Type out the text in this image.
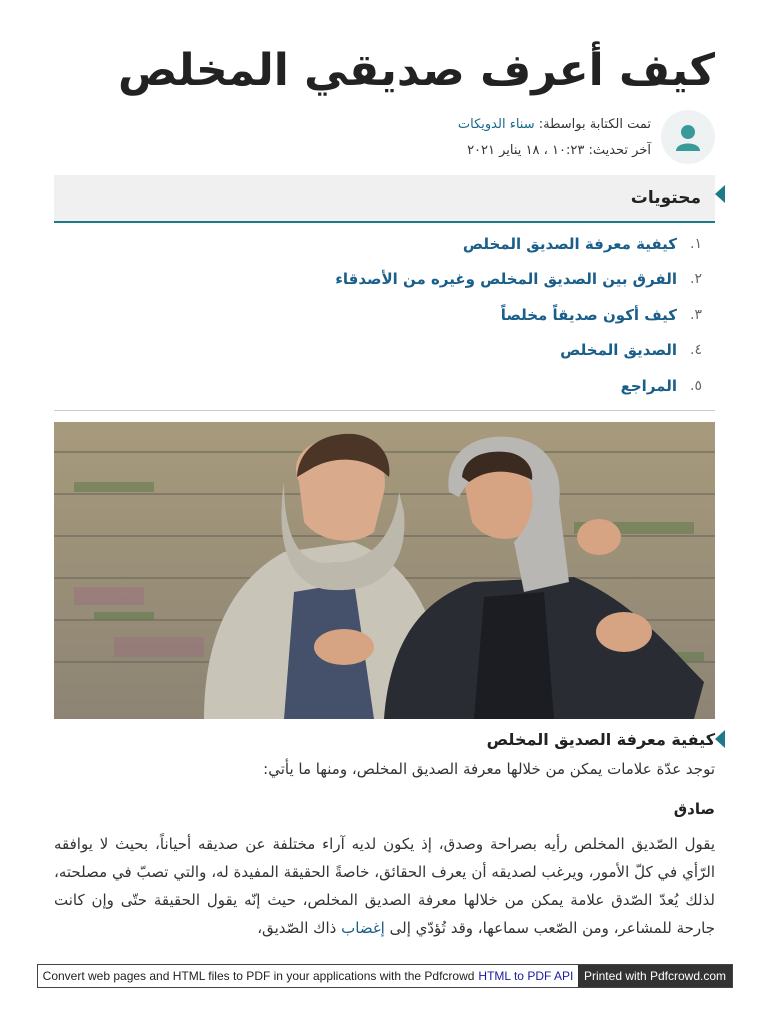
كيف أعرف صديقي المخلص
تمت الكتابة بواسطة: سناء الدويكات
آخر تحديث: ١٠:٢٣ ، ١٨ يناير ٢٠٢١
محتويات
١.
كيفية معرفة الصديق المخلص
٢.
الفرق بين الصديق المخلص وغيره من الأصدقاء
٣.
كيف أكون صديقاً مخلصاً
٤.
الصديق المخلص
٥.
المراجع
كيفية معرفة الصديق المخلص
توجد عدّة علامات يمكن من خلالها معرفة الصديق المخلص، ومنها ما يأتي:
صادق

يقول الصّديق المخلص رأيه بصراحة وصدق، إذ يكون لديه آراء مختلفة عن صديقه أحياناً، بحيث لا يوافقه الرّأي في كلّ الأمور، ويرغب لصديقه أن يعرف الحقائق، خاصةً الحقيقة المفيدة له، والتي تصبّ في مصلحته، لذلك يُعدّ الصّدق علامة يمكن من خلالها معرفة الصديق المخلص، حيث إنّه يقول الحقيقة حتّى وإن كانت جارحة للمشاعر، ومن الصّعب سماعها، وقد تُؤدّي إلى إغضاب ذاك الصّديق،

Convert web pages and HTML files to PDF in your applications with the Pdfcrowd HTML to PDF API Printed with Pdfcrowd.com
